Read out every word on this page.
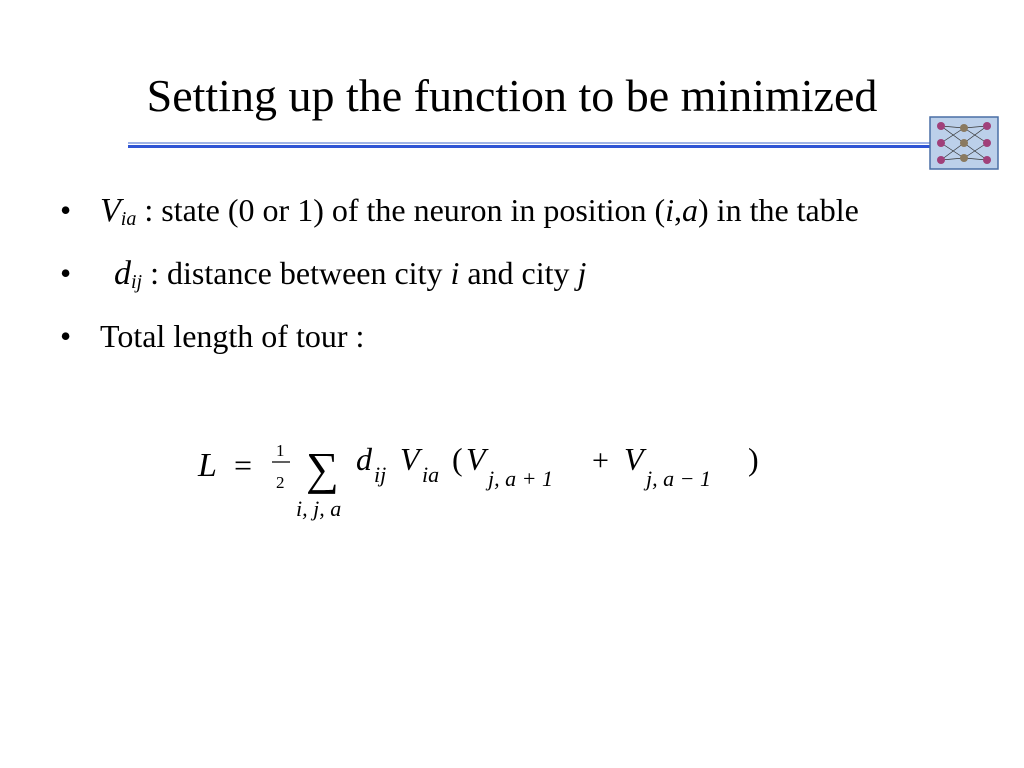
Setting up the function to be minimized
• $V_{ia}$ : state (0 or 1) of the neuron in position (i,a) in the table
• $d_{ij}$ : distance between city i and city j
• Total length of tour :
L = 1
2 ∑
i, j, a
d ij V ia ( V
j, a + 1
+ V
j, a − 1
)
